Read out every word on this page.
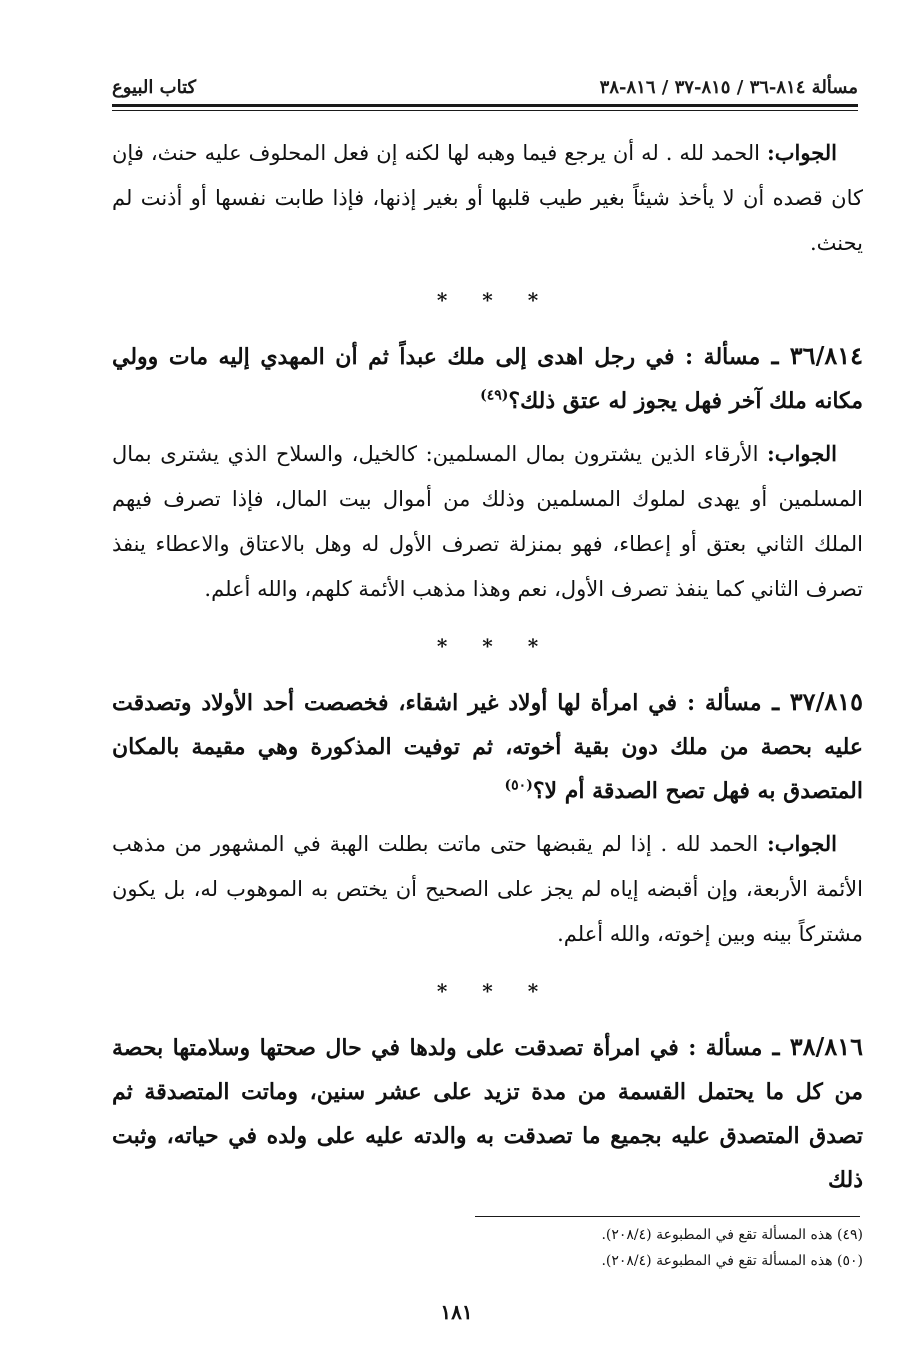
مسألة ٨١٤-٣٦ / ٨١٥-٣٧ / ٨١٦-٣٨
كتاب البيوع

الجواب: الحمد لله . له أن يرجع فيما وهبه لها لكنه إن فعل المحلوف عليه حنث، فإن كان قصده أن لا يأخذ شيئاً بغير طيب قلبها أو بغير إذنها، فإذا طابت نفسها أو أذنت لم يحنث.

* * *

٣٦/٨١٤ ـ مسألة : في رجل اهدى إلى ملك عبداً ثم أن المهدي إليه مات وولي مكانه ملك آخر فهل يجوز له عتق ذلك؟$^{(٤٩)}$

الجواب: الأرقاء الذين يشترون بمال المسلمين: كالخيل، والسلاح الذي يشترى بمال المسلمين أو يهدى لملوك المسلمين وذلك من أموال بيت المال، فإذا تصرف فيهم الملك الثاني بعتق أو إعطاء، فهو بمنزلة تصرف الأول له وهل بالاعتاق والاعطاء ينفذ تصرف الثاني كما ينفذ تصرف الأول، نعم وهذا مذهب الأئمة كلهم، والله أعلم.

* * *

٣٧/٨١٥ ـ مسألة : في امرأة لها أولاد غير اشقاء، فخصصت أحد الأولاد وتصدقت عليه بحصة من ملك دون بقية أخوته، ثم توفيت المذكورة وهي مقيمة بالمكان المتصدق به فهل تصح الصدقة أم لا؟$^{(٥٠)}$

الجواب: الحمد لله . إذا لم يقبضها حتى ماتت بطلت الهبة في المشهور من مذهب الأئمة الأربعة، وإن أقبضه إياه لم يجز على الصحيح أن يختص به الموهوب له، بل يكون مشتركاً بينه وبين إخوته، والله أعلم.

* * *

٣٨/٨١٦ ـ مسألة : في امرأة تصدقت على ولدها في حال صحتها وسلامتها بحصة من كل ما يحتمل القسمة من مدة تزيد على عشر سنين، وماتت المتصدقة ثم تصدق المتصدق عليه بجميع ما تصدقت به والدته عليه على ولده في حياته، وثبت ذلك

(٤٩) هذه المسألة تقع في المطبوعة (٢٠٨/٤).
(٥٠) هذه المسألة تقع في المطبوعة (٢٠٨/٤).
١٨١
